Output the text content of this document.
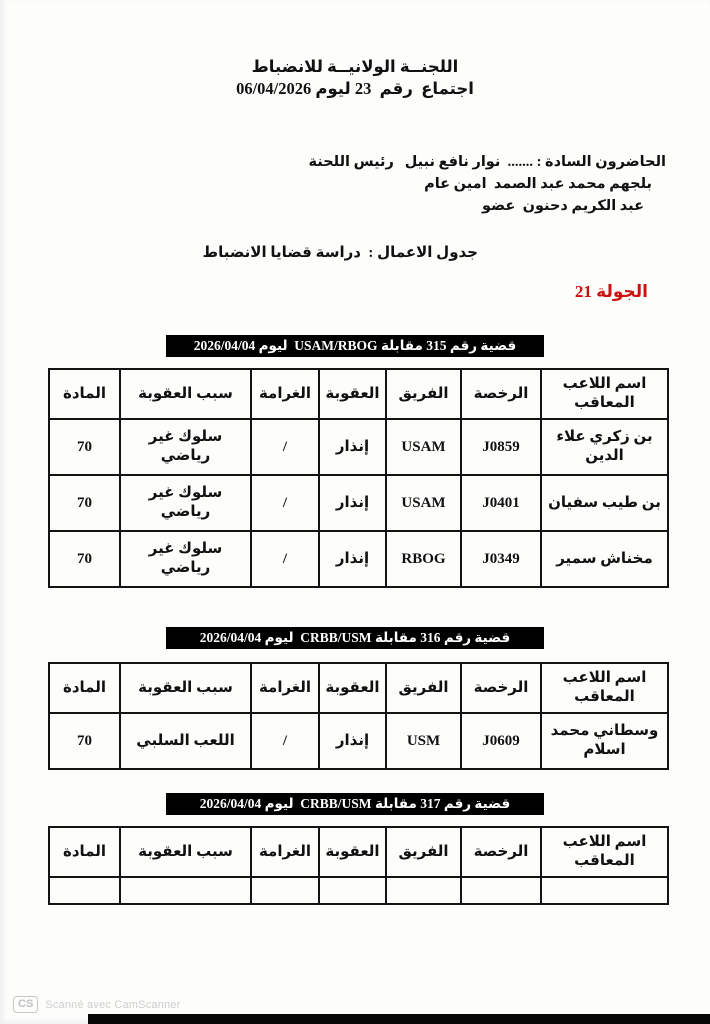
اللجنــة الولانيــة للانضباط
اجتماع  رقم  23 ليوم 06/04/2026
الحاضرون السادة : .......  نوار نافع نبيل   رئيس اللحنة
بلجهم محمد عبد الصمد  امين عام
عبد الكريم دحنون  عضو
جدول الاعمال :  دراسة قضايا الانضباط
الجولة 21
قضية رقم 315 مقابلة USAM/RBOG  ليوم 2026/04/04
اسم اللاعب المعاقب	الرخصة	الفريق	العقوبة	الغرامة	سبب العقوبة	المادة
بن زكري علاء الدين	J0859	USAM	إنذار	/	سلوك غير رياضي	70
بن طيب سفيان	J0401	USAM	إنذار	/	سلوك غير رياضي	70
مخناش سمير	J0349	RBOG	إنذار	/	سلوك غير رياضي	70
قضية رقم 316 مقابلة CRBB/USM  ليوم 2026/04/04
اسم اللاعب المعاقب	الرخصة	الفريق	العقوبة	الغرامة	سبب العقوبة	المادة
وسطاني محمد اسلام	J0609	USM	إنذار	/	اللعب السلبي	70
قضية رقم 317 مقابلة CRBB/USM  ليوم 2026/04/04
اسم اللاعب المعاقب	الرخصة	الفريق	العقوبة	الغرامة	سبب العقوبة	المادة

CS	Scanné avec CamScanner
